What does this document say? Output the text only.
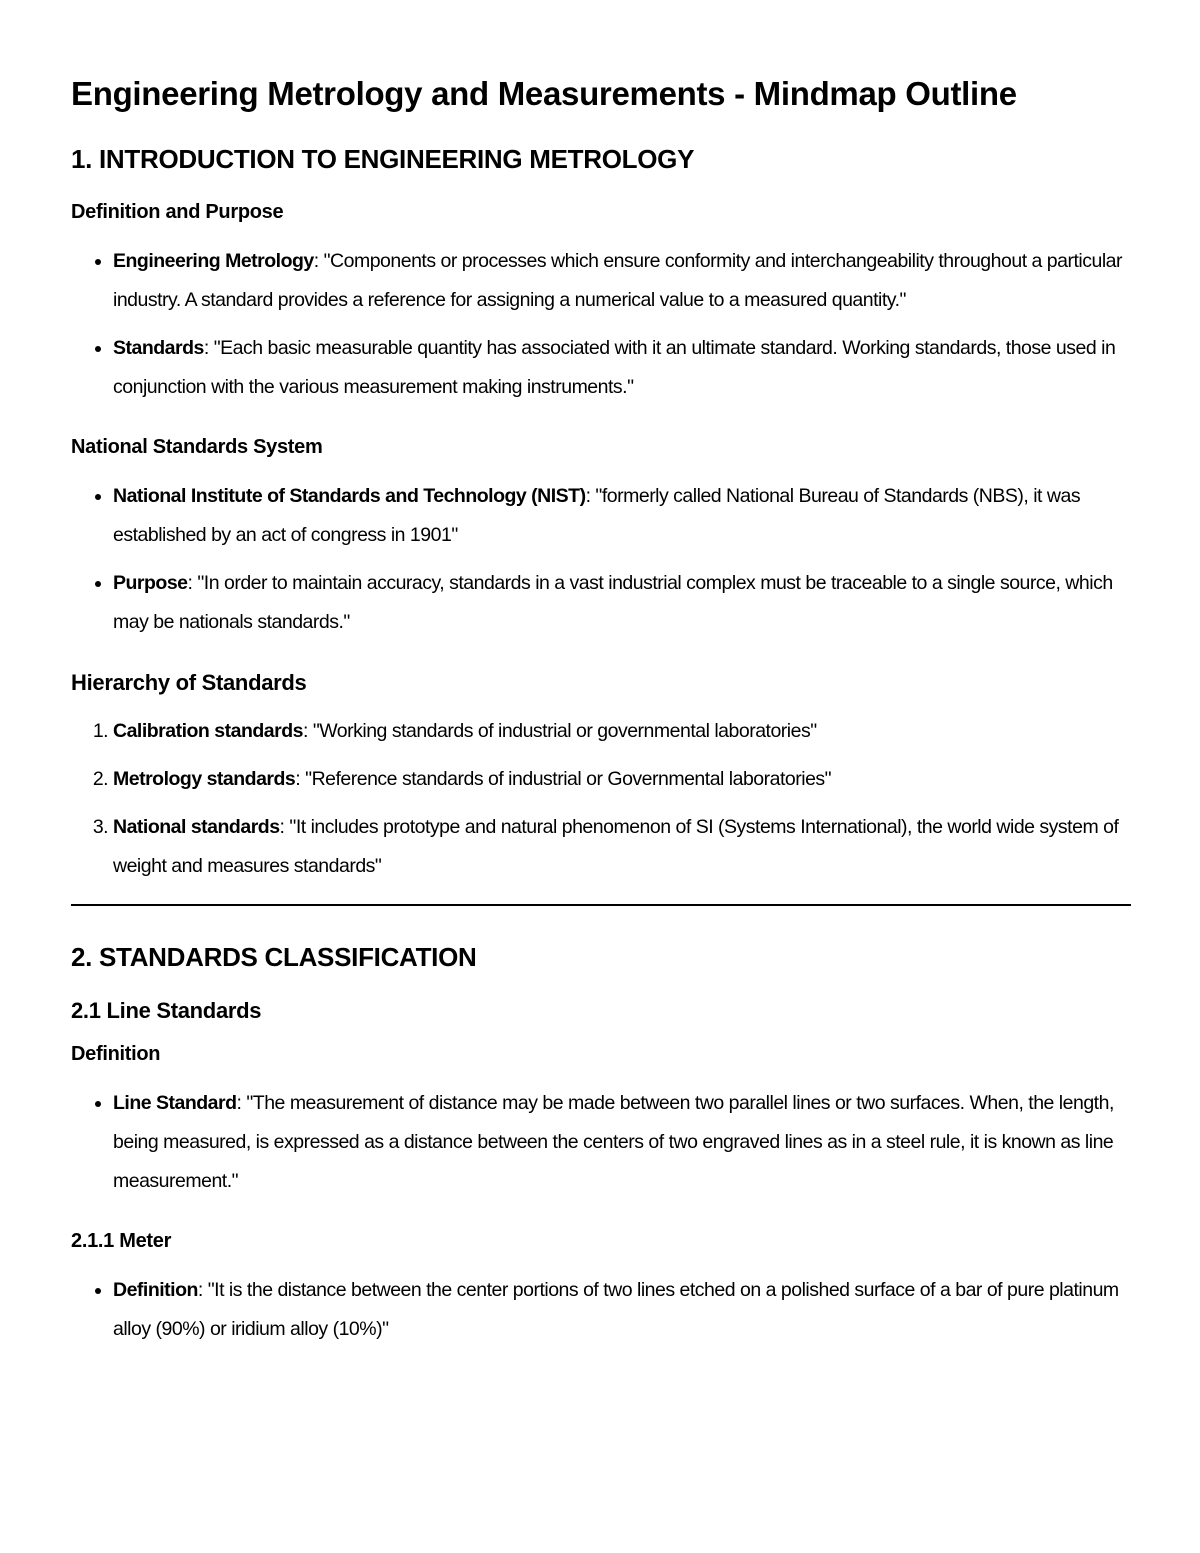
Engineering Metrology and Measurements - Mindmap Outline
1. INTRODUCTION TO ENGINEERING METROLOGY
Definition and Purpose
• Engineering Metrology: "Components or processes which ensure conformity and interchangeability throughout a particular industry. A standard provides a reference for assigning a numerical value to a measured quantity."
• Standards: "Each basic measurable quantity has associated with it an ultimate standard. Working standards, those used in conjunction with the various measurement making instruments."
National Standards System
• National Institute of Standards and Technology (NIST): "formerly called National Bureau of Standards (NBS), it was established by an act of congress in 1901"
• Purpose: "In order to maintain accuracy, standards in a vast industrial complex must be traceable to a single source, which may be nationals standards."
Hierarchy of Standards
1. Calibration standards: "Working standards of industrial or governmental laboratories"
2. Metrology standards: "Reference standards of industrial or Governmental laboratories"
3. National standards: "It includes prototype and natural phenomenon of SI (Systems International), the world wide system of weight and measures standards"
2. STANDARDS CLASSIFICATION
2.1 Line Standards
Definition
• Line Standard: "The measurement of distance may be made between two parallel lines or two surfaces. When, the length, being measured, is expressed as a distance between the centers of two engraved lines as in a steel rule, it is known as line measurement."
2.1.1 Meter
• Definition: "It is the distance between the center portions of two lines etched on a polished surface of a bar of pure platinum alloy (90%) or iridium alloy (10%)"
